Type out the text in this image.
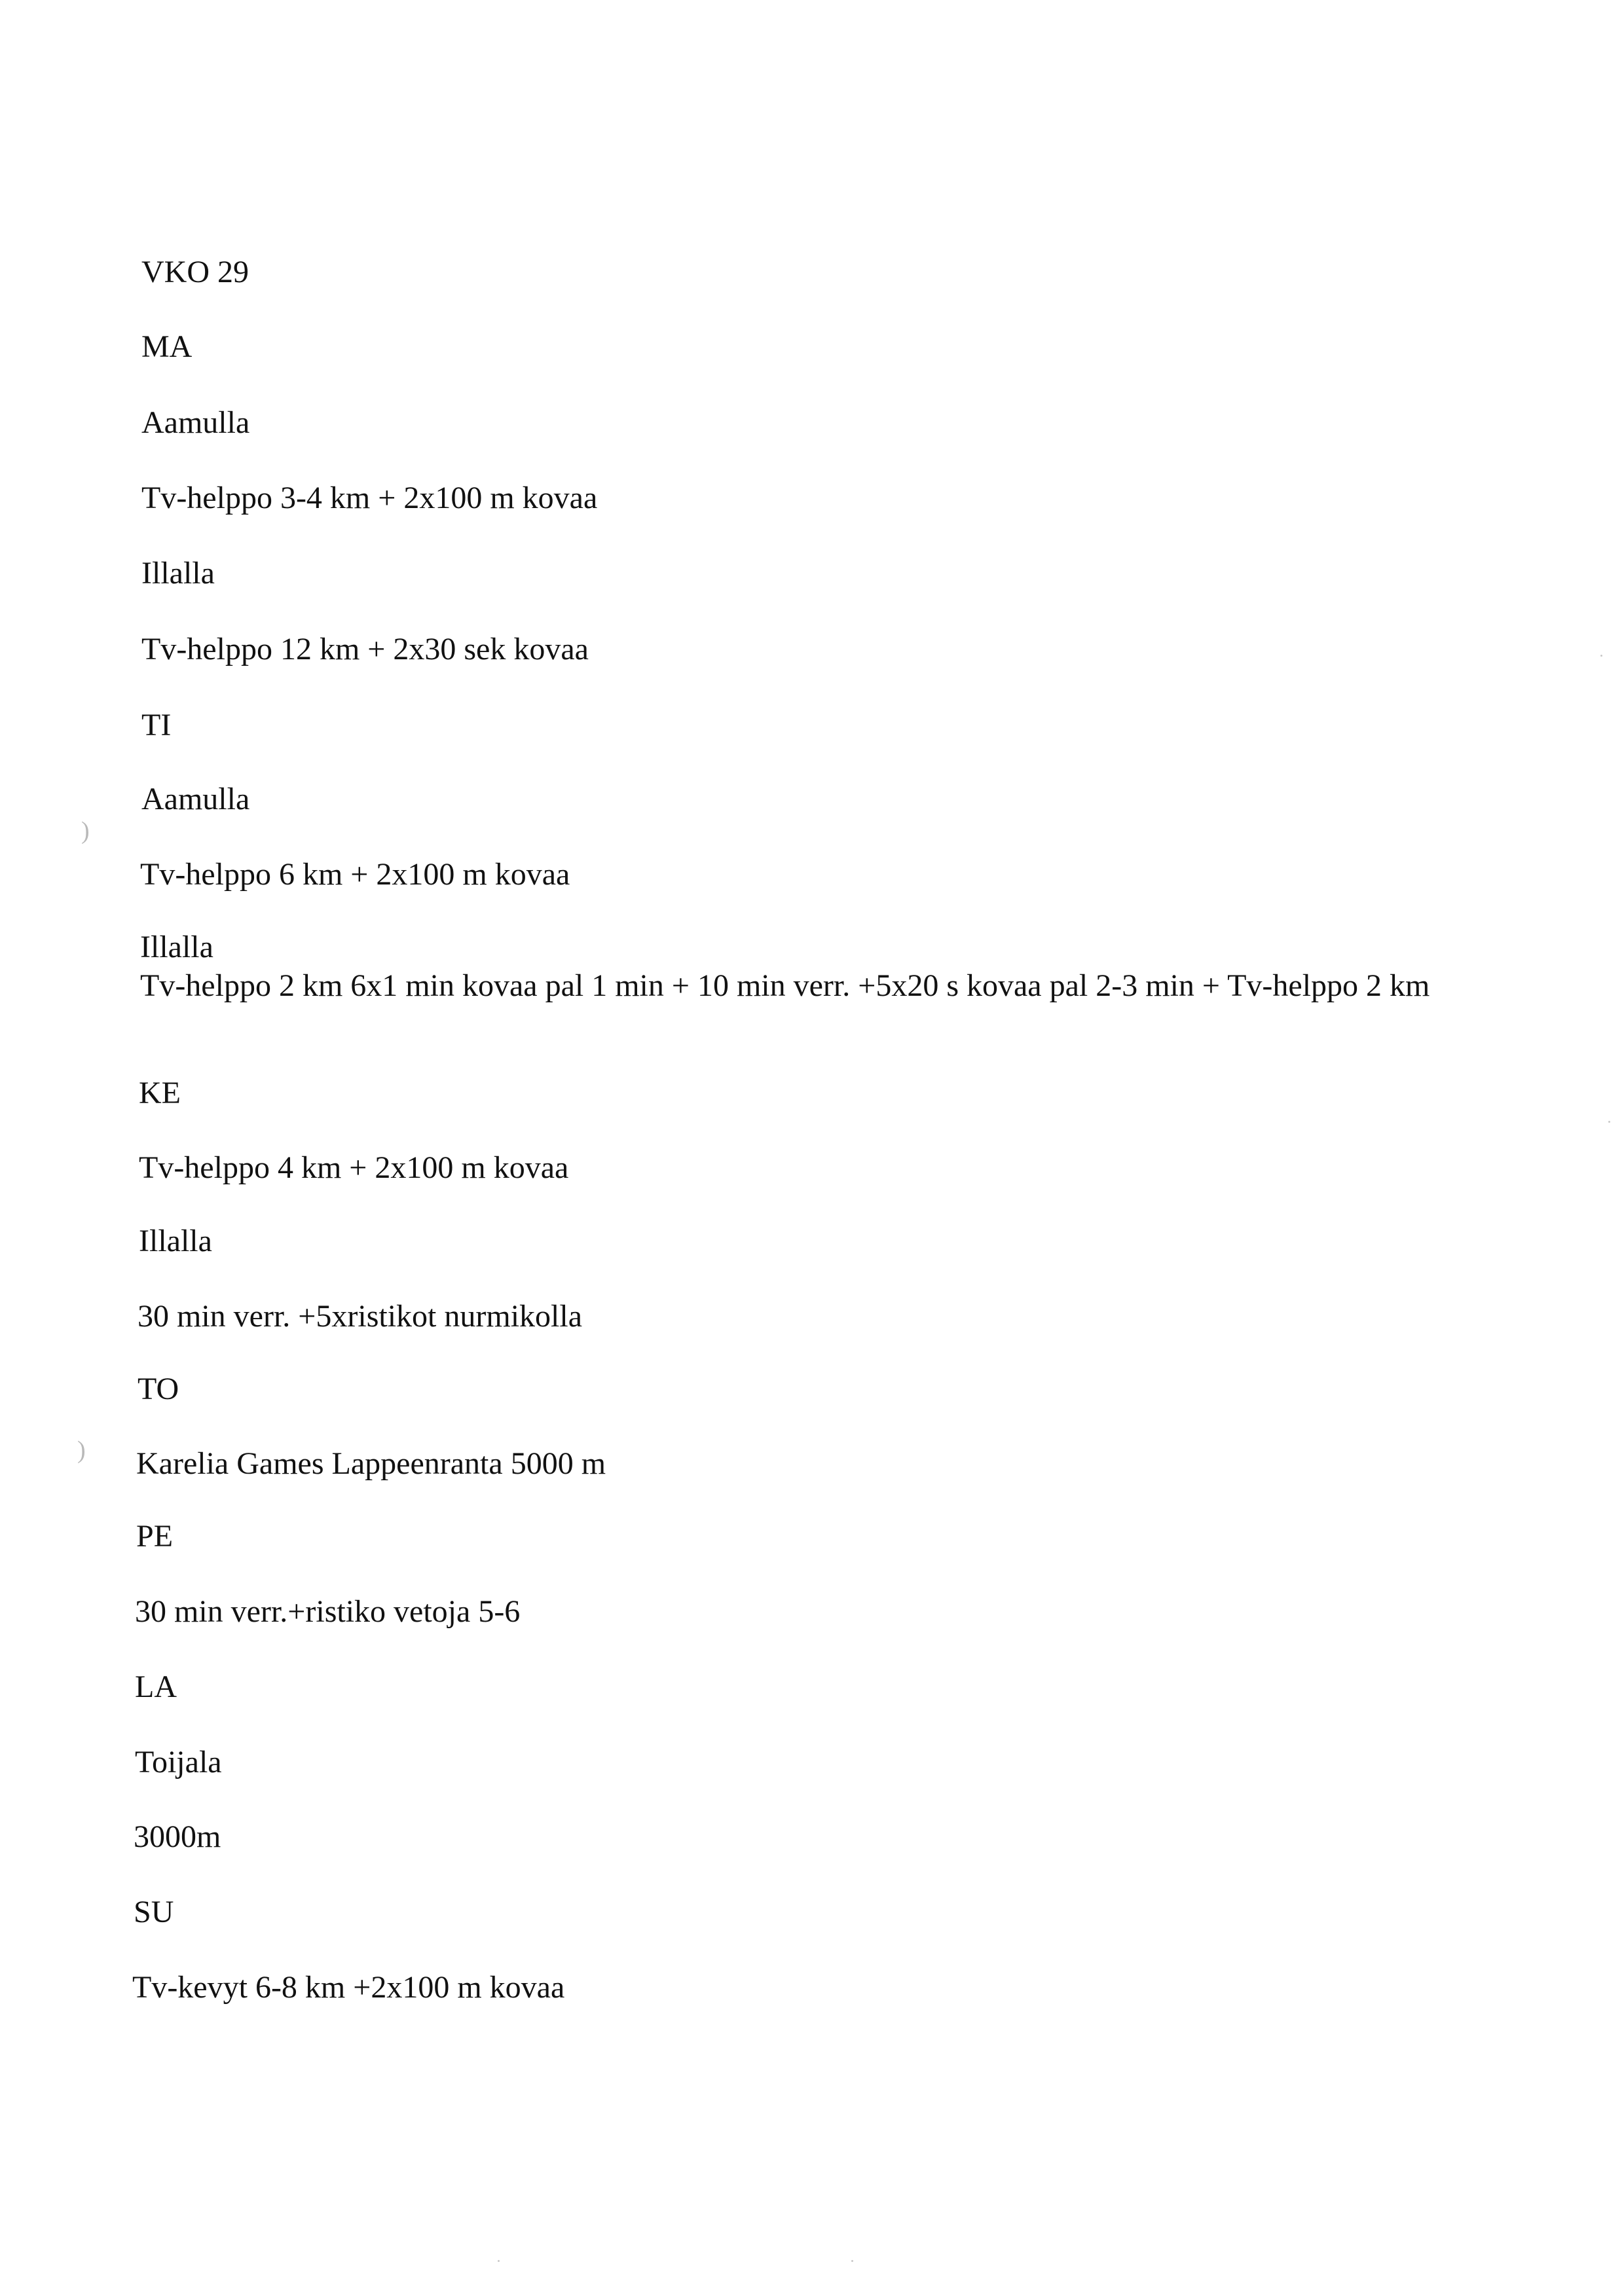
VKO 29
MA
Aamulla
Tv-helppo 3-4 km + 2x100 m kovaa
Illalla
Tv-helppo 12 km + 2x30 sek kovaa
TI
Aamulla
Tv-helppo 6 km + 2x100 m kovaa
Illalla
Tv-helppo 2 km 6x1 min kovaa pal 1 min + 10 min verr. +5x20 s kovaa pal 2-3 min + Tv-helppo 2 km
KE
Tv-helppo 4 km + 2x100 m kovaa
Illalla
30 min verr. +5xristikot nurmikolla
TO
Karelia Games Lappeenranta 5000 m
PE
30 min verr.+ristiko vetoja 5-6
LA
Toijala
3000m
SU
Tv-kevyt 6-8 km +2x100 m kovaa
)
)
